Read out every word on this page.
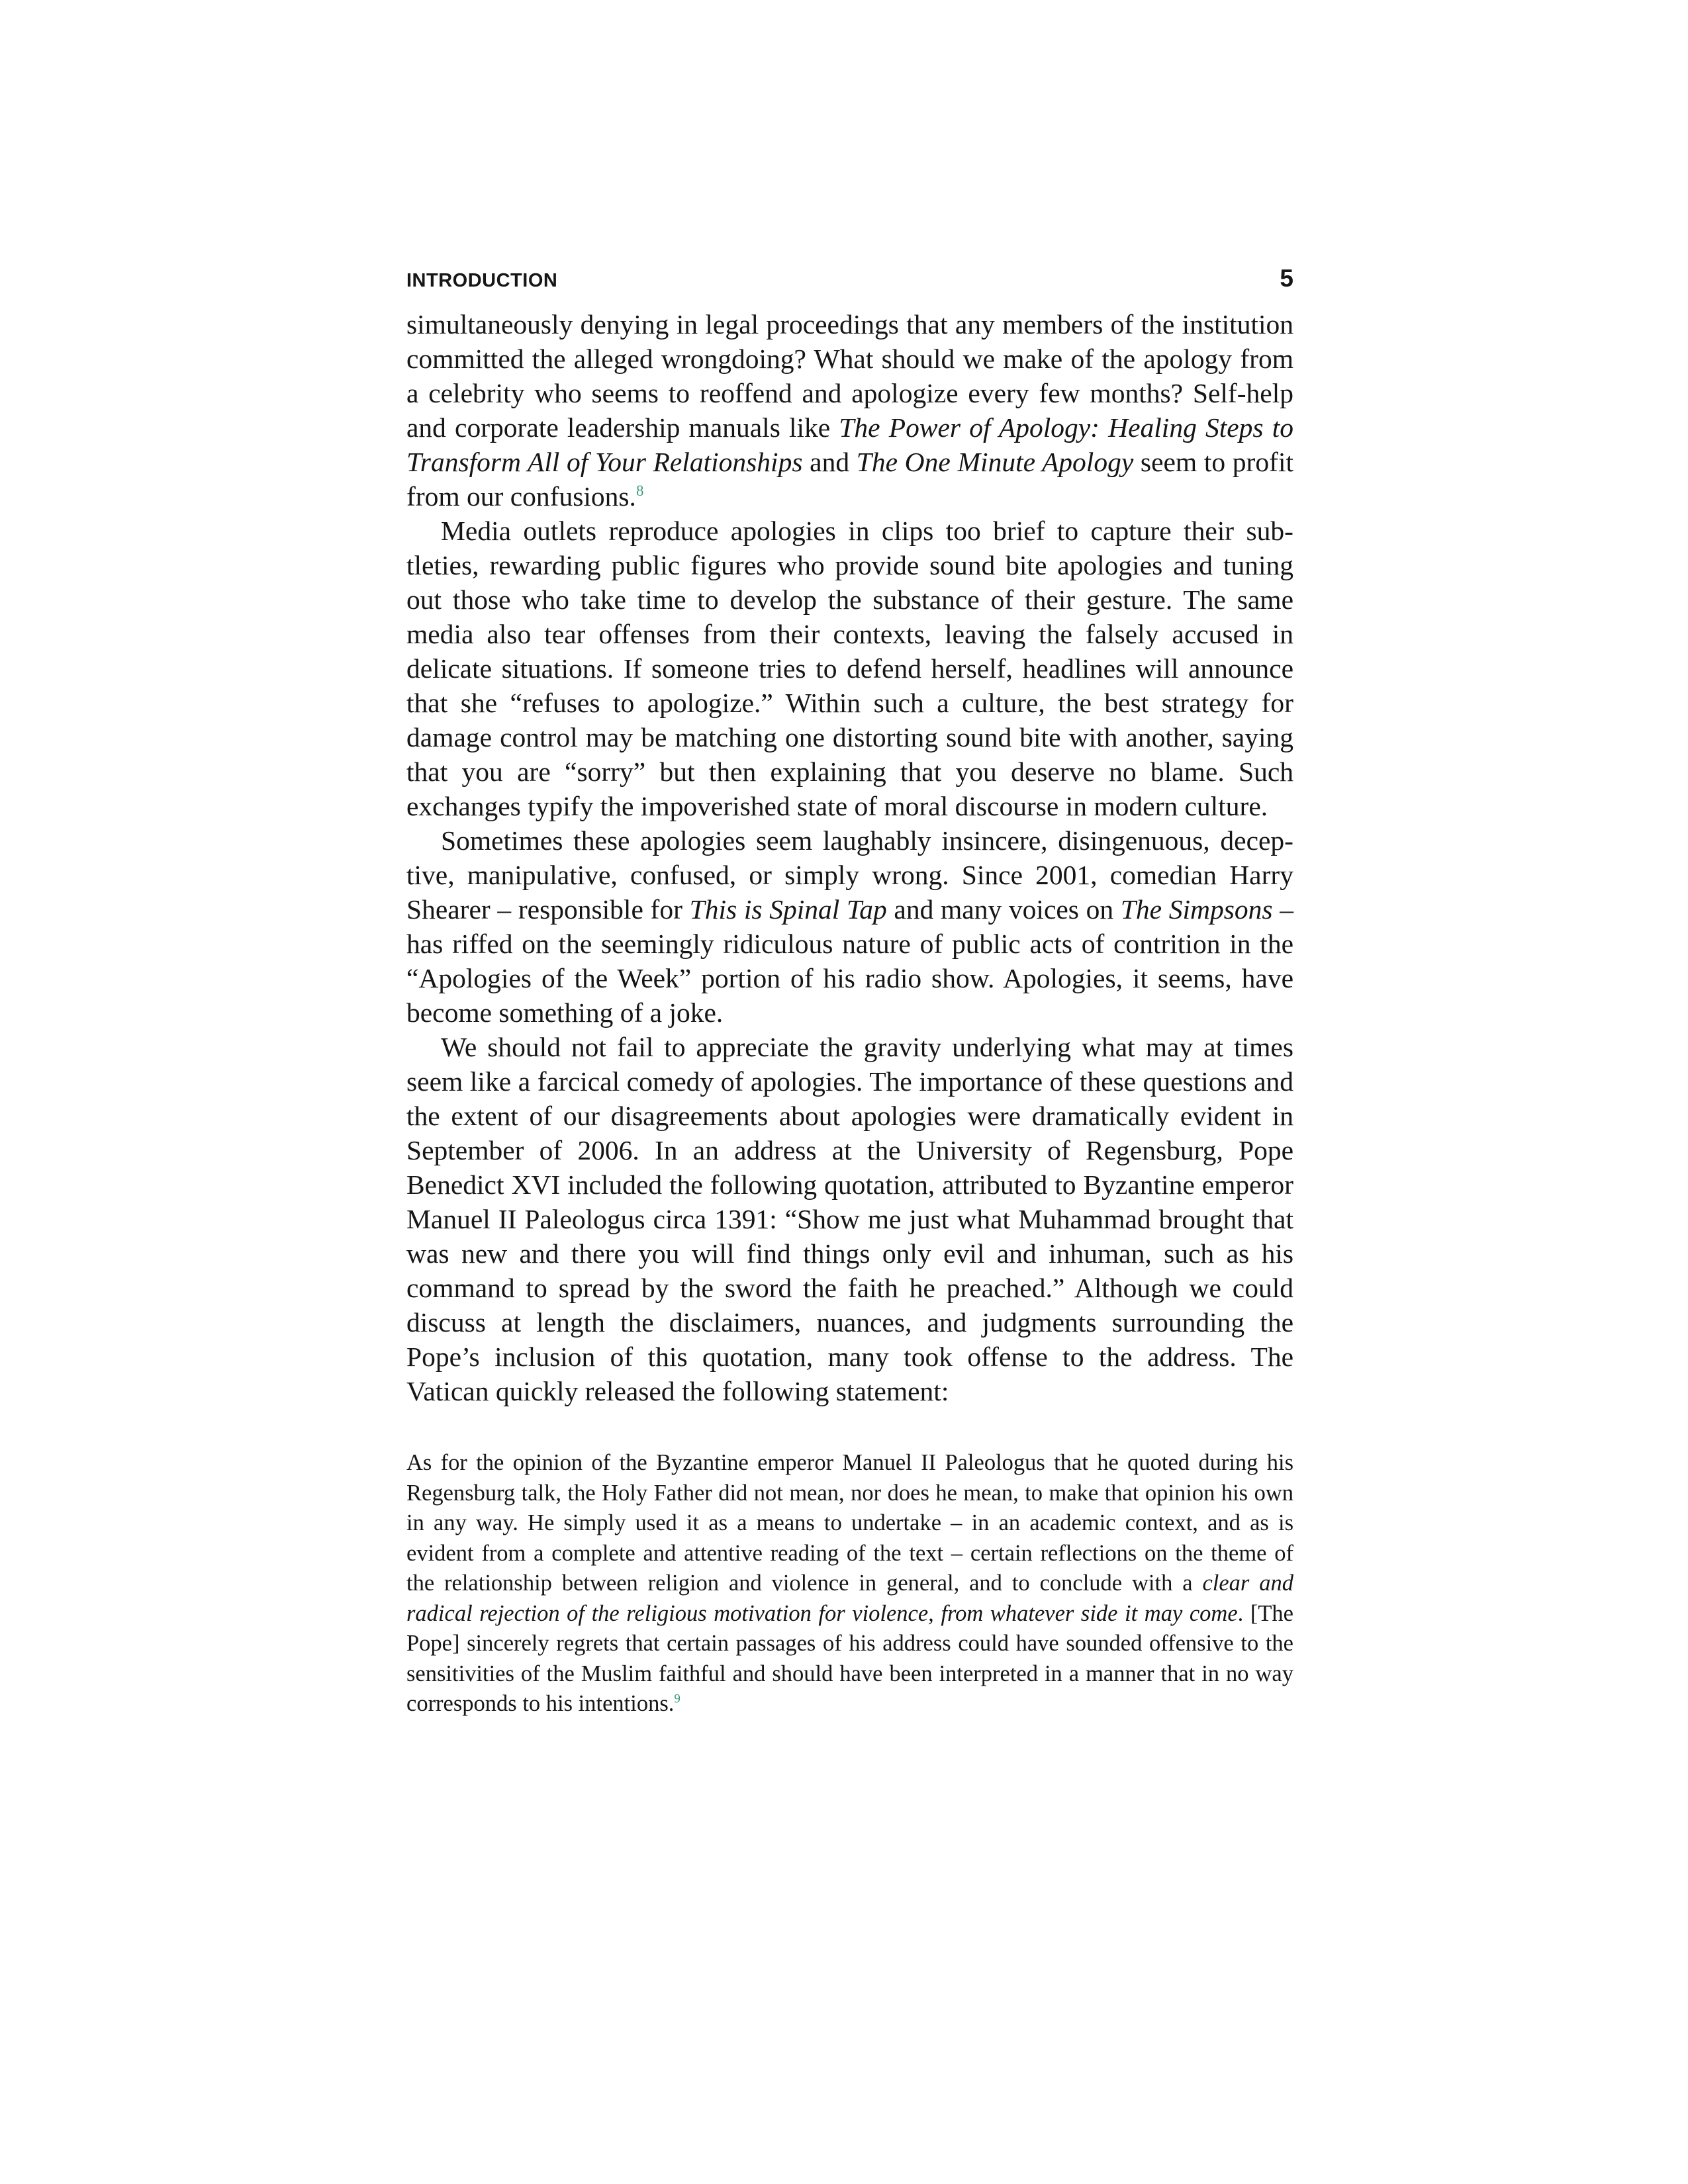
INTRODUCTION	5

simultaneously denying in legal proceedings that any members of the institution committed the alleged wrongdoing? What should we make of the apology from a celebrity who seems to reoffend and apologize every few months? Self-help and corporate leadership manuals like The Power of Apology: Healing Steps to Transform All of Your Relationships and The One Minute Apology seem to profit from our confusions.$^8$

Media outlets reproduce apologies in clips too brief to capture their subtleties, rewarding public figures who provide sound bite apologies and tuning out those who take time to develop the substance of their gesture. The same media also tear offenses from their contexts, leaving the falsely accused in delicate situations. If someone tries to defend herself, headlines will announce that she “refuses to apologize.” Within such a culture, the best strategy for damage control may be matching one distorting sound bite with another, saying that you are “sorry” but then explaining that you deserve no blame. Such exchanges typify the impoverished state of moral discourse in modern culture.

Sometimes these apologies seem laughably insincere, disingenuous, deceptive, manipulative, confused, or simply wrong. Since 2001, comedian Harry Shearer – responsible for This is Spinal Tap and many voices on The Simpsons – has riffed on the seemingly ridiculous nature of public acts of contrition in the “Apologies of the Week” portion of his radio show. Apologies, it seems, have become something of a joke.

We should not fail to appreciate the gravity underlying what may at times seem like a farcical comedy of apologies. The importance of these questions and the extent of our disagreements about apologies were dramatically evident in September of 2006. In an address at the University of Regensburg, Pope Benedict XVI included the following quotation, attributed to Byzantine emperor Manuel II Paleologus circa 1391: “Show me just what Muhammad brought that was new and there you will find things only evil and inhuman, such as his command to spread by the sword the faith he preached.” Although we could discuss at length the disclaimers, nuances, and judgments surrounding the Pope’s inclusion of this quotation, many took offense to the address. The Vatican quickly released the following statement:

As for the opinion of the Byzantine emperor Manuel II Paleologus that he quoted during his Regensburg talk, the Holy Father did not mean, nor does he mean, to make that opinion his own in any way. He simply used it as a means to undertake – in an academic context, and as is evident from a complete and attentive reading of the text – certain reflections on the theme of the relationship between religion and violence in general, and to conclude with a clear and radical rejection of the religious motivation for violence, from whatever side it may come. [The Pope] sincerely regrets that certain passages of his address could have sounded offensive to the sensitivities of the Muslim faithful and should have been interpreted in a manner that in no way corresponds to his intentions.$^9$
